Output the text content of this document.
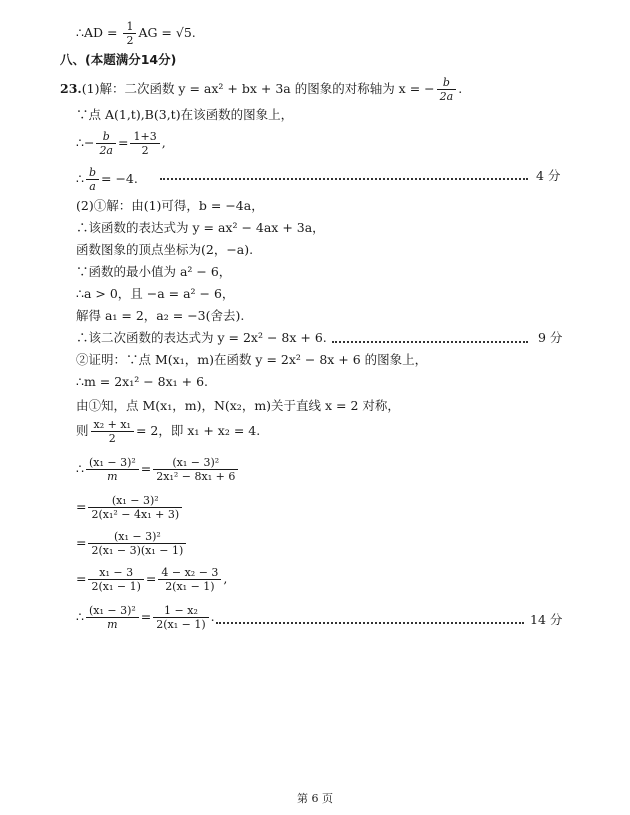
∴AD = $\frac{1}{2}$ AG = √5.
八、(本题满分14分)
23.(1)解：二次函数 y = ax² + bx + 3a 的图象的对称轴为 x = − $\frac{b}{2a}$ .
∵点 A(1,t),B(3,t)在该函数的图象上，
∴− $\frac{b}{2a} = \frac{1+3}{2}$ ,
∴ $\frac{b}{a} = -4$.	4 分
(2)①解：由(1)可得，b = −4a，
∴该函数的表达式为 y = ax² − 4ax + 3a，
函数图象的顶点坐标为(2，−a).
∵函数的最小值为 a² − 6，
∴a > 0，且 −a = a² − 6，
解得 a₁ = 2，a₂ = −3(舍去).
∴该二次函数的表达式为 y = 2x² − 8x + 6.	9 分
②证明：∵点 M(x₁，m)在函数 y = 2x² − 8x + 6 的图象上，
∴m = 2x₁² − 8x₁ + 6.
由①知，点 M(x₁，m)，N(x₂，m)关于直线 x = 2 对称，
则 $\frac{\text{x₂ + x₁}}{2} = 2$，即 x₁ + x₂ = 4.
∴ $\frac{\text{(x₁ − 3)²}}{m} = \frac{\text{(x₁ − 3)²}}{\text{2x₁² − 8x₁ + 6}}$
= $\frac{\text{(x₁ − 3)²}}{\text{2(x₁² − 4x₁ + 3)}}$
= $\frac{\text{(x₁ − 3)²}}{\text{2(x₁ − 3)(x₁ − 1)}}$
= $\frac{\text{x₁ − 3}}{\text{2(x₁ − 1)}} = \frac{\text{4 − x₂ − 3}}{\text{2(x₁ − 1)}}$ ,
∴ $\frac{\text{(x₁ − 3)²}}{m} = \frac{\text{1 − x₂}}{\text{2(x₁ − 1)}}$ .	14 分
第 6 页
